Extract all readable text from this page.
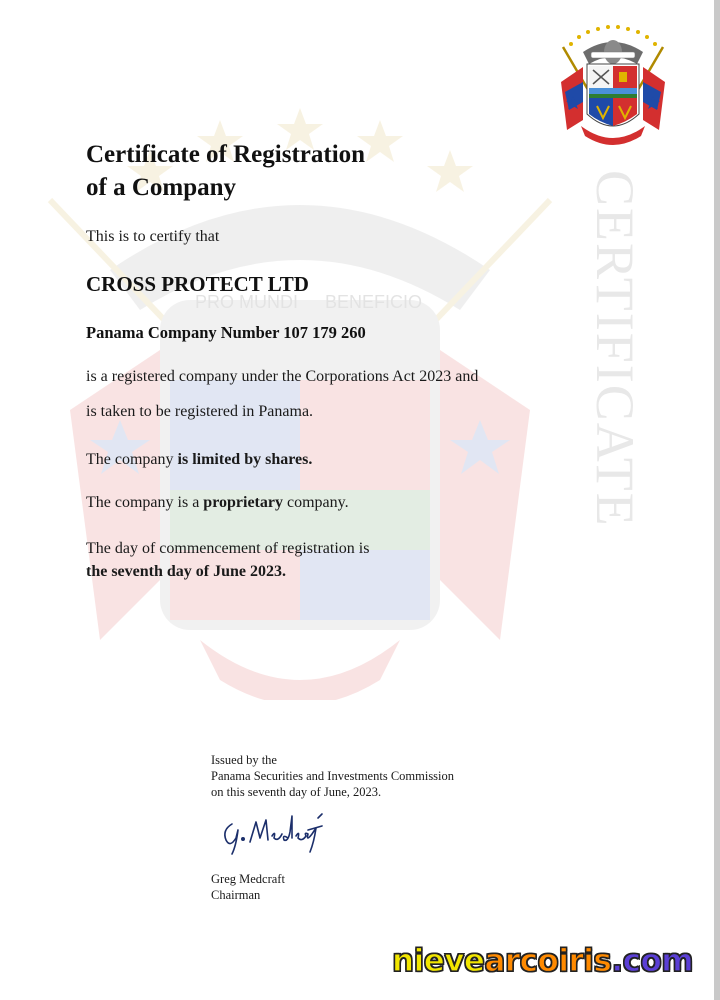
PRO MUNDI BENEFICIO	CERTIFICATE
Certificate of Registration
of a Company

This is to certify that

CROSS PROTECT LTD

Panama Company Number 107 179 260

is a registered company under the Corporations Act 2023 and

is taken to be registered in Panama.

The company is limited by shares.

The company is a proprietary company.

The day of commencement of registration is

the seventh day of June 2023.

Issued by the
Panama Securities and Investments Commission
on this seventh day of June, 2023.
Greg Medcraft
Chairman
nievearcoiris.com
